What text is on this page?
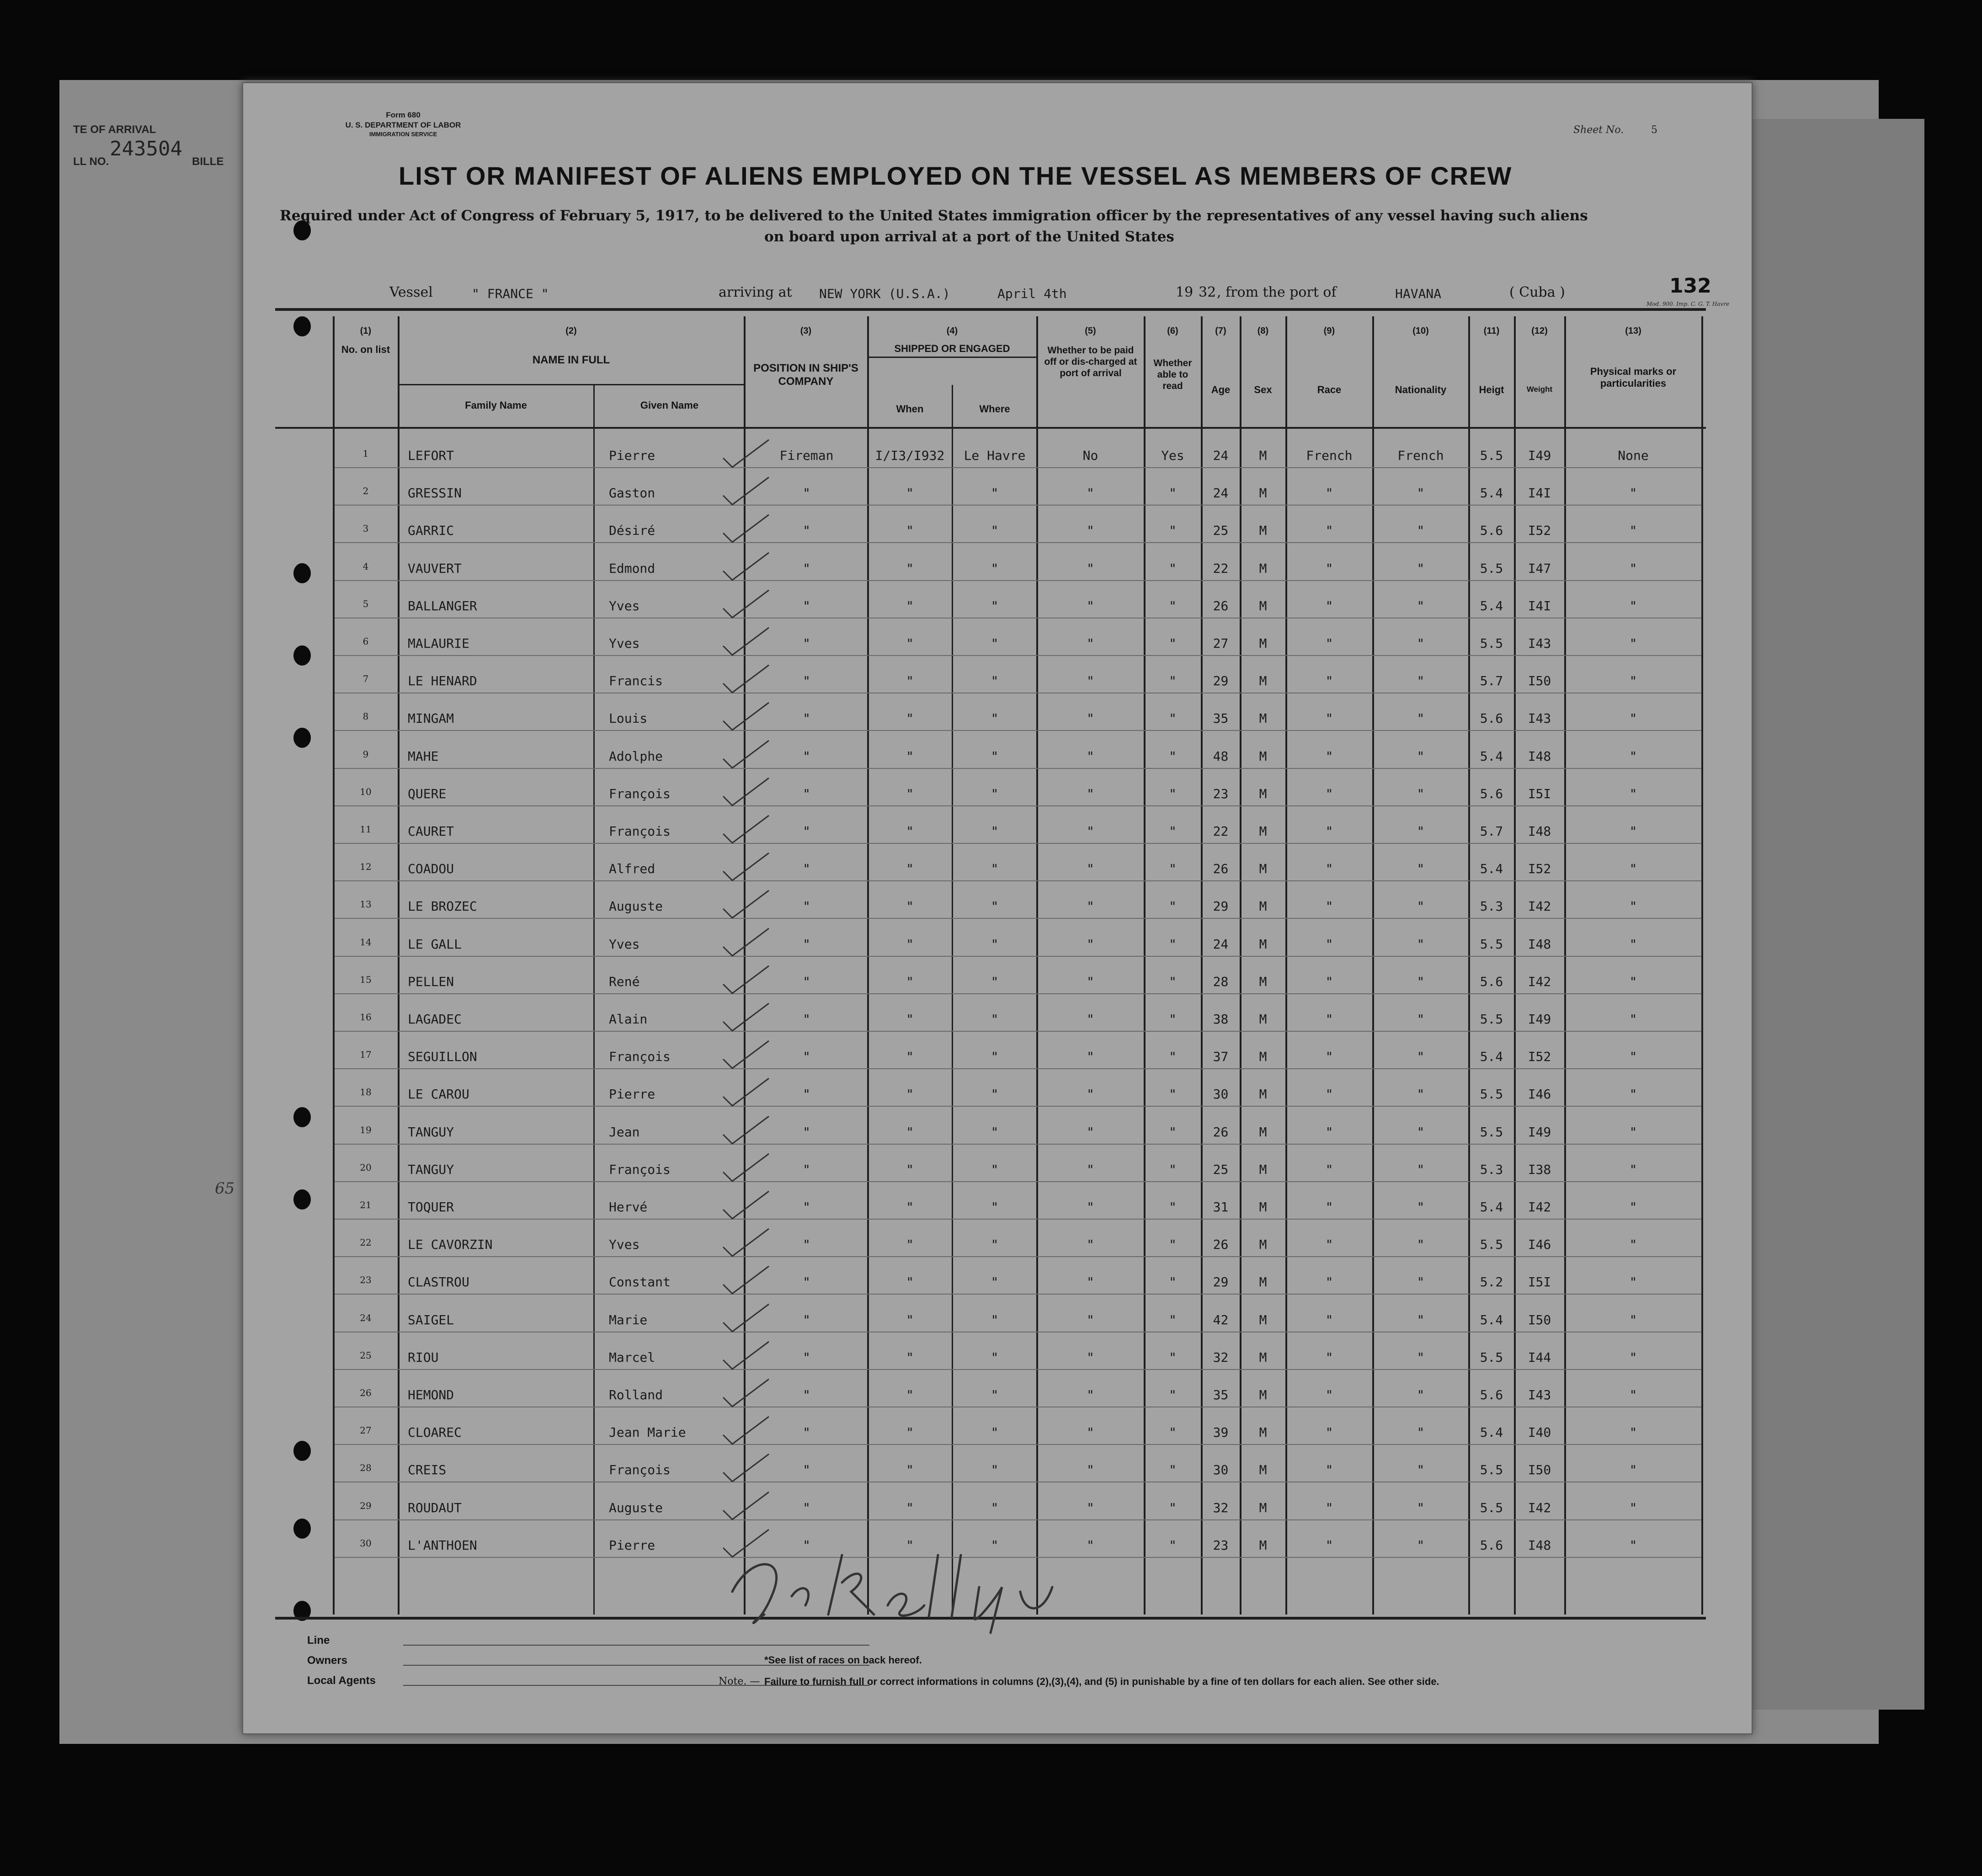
TE OF ARRIVAL
LL NO.
243504
BILLE
65
Form 680
U. S. DEPARTMENT OF LABOR
IMMIGRATION SERVICE	Sheet No.	5
LIST OR MANIFEST OF ALIENS EMPLOYED ON THE VESSEL AS MEMBERS OF CREW
Required under Act of Congress of February 5, 1917, to be delivered to the United States immigration officer by the representatives of any vessel having such aliens
on board upon arrival at a port of the United States
Vessel	" FRANCE "	arriving at NEW YORK (U.S.A.)	April 4th	19 32 , from the port of	HAVANA	( Cuba )	132
Mod. 900. Imp. C. G. T. Havre
(1)
No. on list
(2)
NAME IN FULL
Family Name	Given Name
(3)
POSITION IN SHIP'S COMPANY
(4)
SHIPPED OR ENGAGED
When	Where
(5)
Whether to be paid off or dis-charged at port of arrival
(6)
Whether able to read
(7)
Age
(8)
Sex
(9)
Race
(10)
Nationality
(11)
Heigt
(12)
Weight
(13)
Physical marks or particularities
1	LEFORT	Pierre	Fireman	I/I3/I932	Le Havre	No	Yes	24	M	French	French	5.5	I49	None
2	GRESSIN	Gaston	"	"	"	"	"	24	M	"	"	5.4	I4I	"
3	GARRIC	Désiré	"	"	"	"	"	25	M	"	"	5.6	I52	"
4	VAUVERT	Edmond	"	"	"	"	"	22	M	"	"	5.5	I47	"
5	BALLANGER	Yves	"	"	"	"	"	26	M	"	"	5.4	I4I	"
6	MALAURIE	Yves	"	"	"	"	"	27	M	"	"	5.5	I43	"
7	LE HENARD	Francis	"	"	"	"	"	29	M	"	"	5.7	I50	"
8	MINGAM	Louis	"	"	"	"	"	35	M	"	"	5.6	I43	"
9	MAHE	Adolphe	"	"	"	"	"	48	M	"	"	5.4	I48	"
10	QUERE	François	"	"	"	"	"	23	M	"	"	5.6	I5I	"
11	CAURET	François	"	"	"	"	"	22	M	"	"	5.7	I48	"
12	COADOU	Alfred	"	"	"	"	"	26	M	"	"	5.4	I52	"
13	LE BROZEC	Auguste	"	"	"	"	"	29	M	"	"	5.3	I42	"
14	LE GALL	Yves	"	"	"	"	"	24	M	"	"	5.5	I48	"
15	PELLEN	René	"	"	"	"	"	28	M	"	"	5.6	I42	"
16	LAGADEC	Alain	"	"	"	"	"	38	M	"	"	5.5	I49	"
17	SEGUILLON	François	"	"	"	"	"	37	M	"	"	5.4	I52	"
18	LE CAROU	Pierre	"	"	"	"	"	30	M	"	"	5.5	I46	"
19	TANGUY	Jean	"	"	"	"	"	26	M	"	"	5.5	I49	"
20	TANGUY	François	"	"	"	"	"	25	M	"	"	5.3	I38	"
21	TOQUER	Hervé	"	"	"	"	"	31	M	"	"	5.4	I42	"
22	LE CAVORZIN	Yves	"	"	"	"	"	26	M	"	"	5.5	I46	"
23	CLASTROU	Constant	"	"	"	"	"	29	M	"	"	5.2	I5I	"
24	SAIGEL	Marie	"	"	"	"	"	42	M	"	"	5.4	I50	"
25	RIOU	Marcel	"	"	"	"	"	32	M	"	"	5.5	I44	"
26	HEMOND	Rolland	"	"	"	"	"	35	M	"	"	5.6	I43	"
27	CLOAREC	Jean Marie	"	"	"	"	"	39	M	"	"	5.4	I40	"
28	CREIS	François	"	"	"	"	"	30	M	"	"	5.5	I50	"
29	ROUDAUT	Auguste	"	"	"	"	"	32	M	"	"	5.5	I42	"
30	L'ANTHOEN	Pierre	"	"	"	"	"	23	M	"	"	5.6	I48	"
Line
Owners
Local Agents
*See list of races on back hereof.
Note. — Failure to furnish full or correct informations in columns (2),(3),(4), and (5) in punishable by a fine of ten dollars for each alien. See other side.
